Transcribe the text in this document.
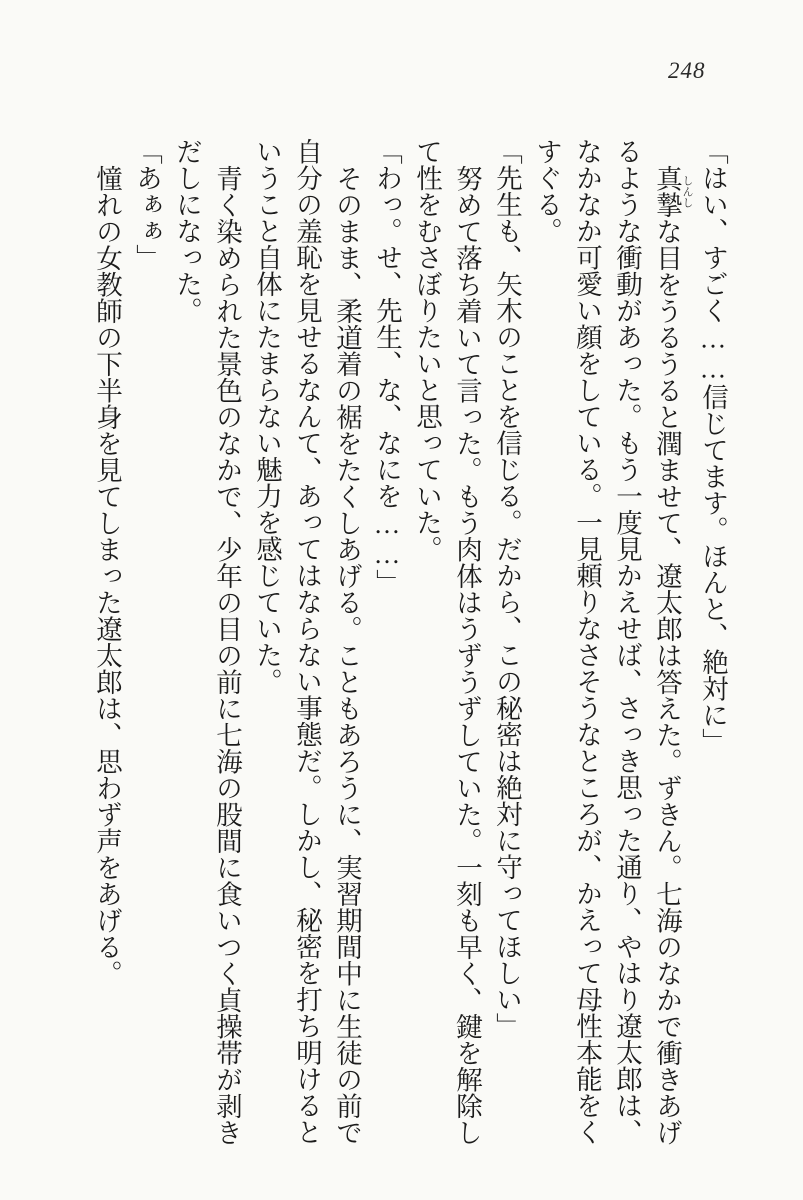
248

「はい、すごく……信じてます。ほんと、絶対に」

真摯 しんしな目をうるうると潤ませて、遼太郎は答えた。ずきん。七海のなかで衝きあげるような衝動があった。もう一度見かえせば、さっき思った通り、やはり遼太郎は、なかなか可愛い顔をしている。一見頼りなさそうなところが、かえって母性本能をくすぐる。

「先生も、矢木のことを信じる。だから、この秘密は絶対に守ってほしい」

努めて落ち着いて言った。もう肉体はうずうずしていた。一刻も早く、鍵を解除して性をむさぼりたいと思っていた。

「わっ。せ、先生、な、なにを……」

そのまま、柔道着の裾をたくしあげる。こともあろうに、実習期間中に生徒の前で自分の羞恥を見せるなんて、あってはならない事態だ。しかし、秘密を打ち明けるということ自体にたまらない魅力を感じていた。

青く染められた景色のなかで、少年の目の前に七海の股間に食いつく貞操帯が剥きだしになった。

「あぁぁ」

憧れの女教師の下半身を見てしまった遼太郎は、思わず声をあげる。
